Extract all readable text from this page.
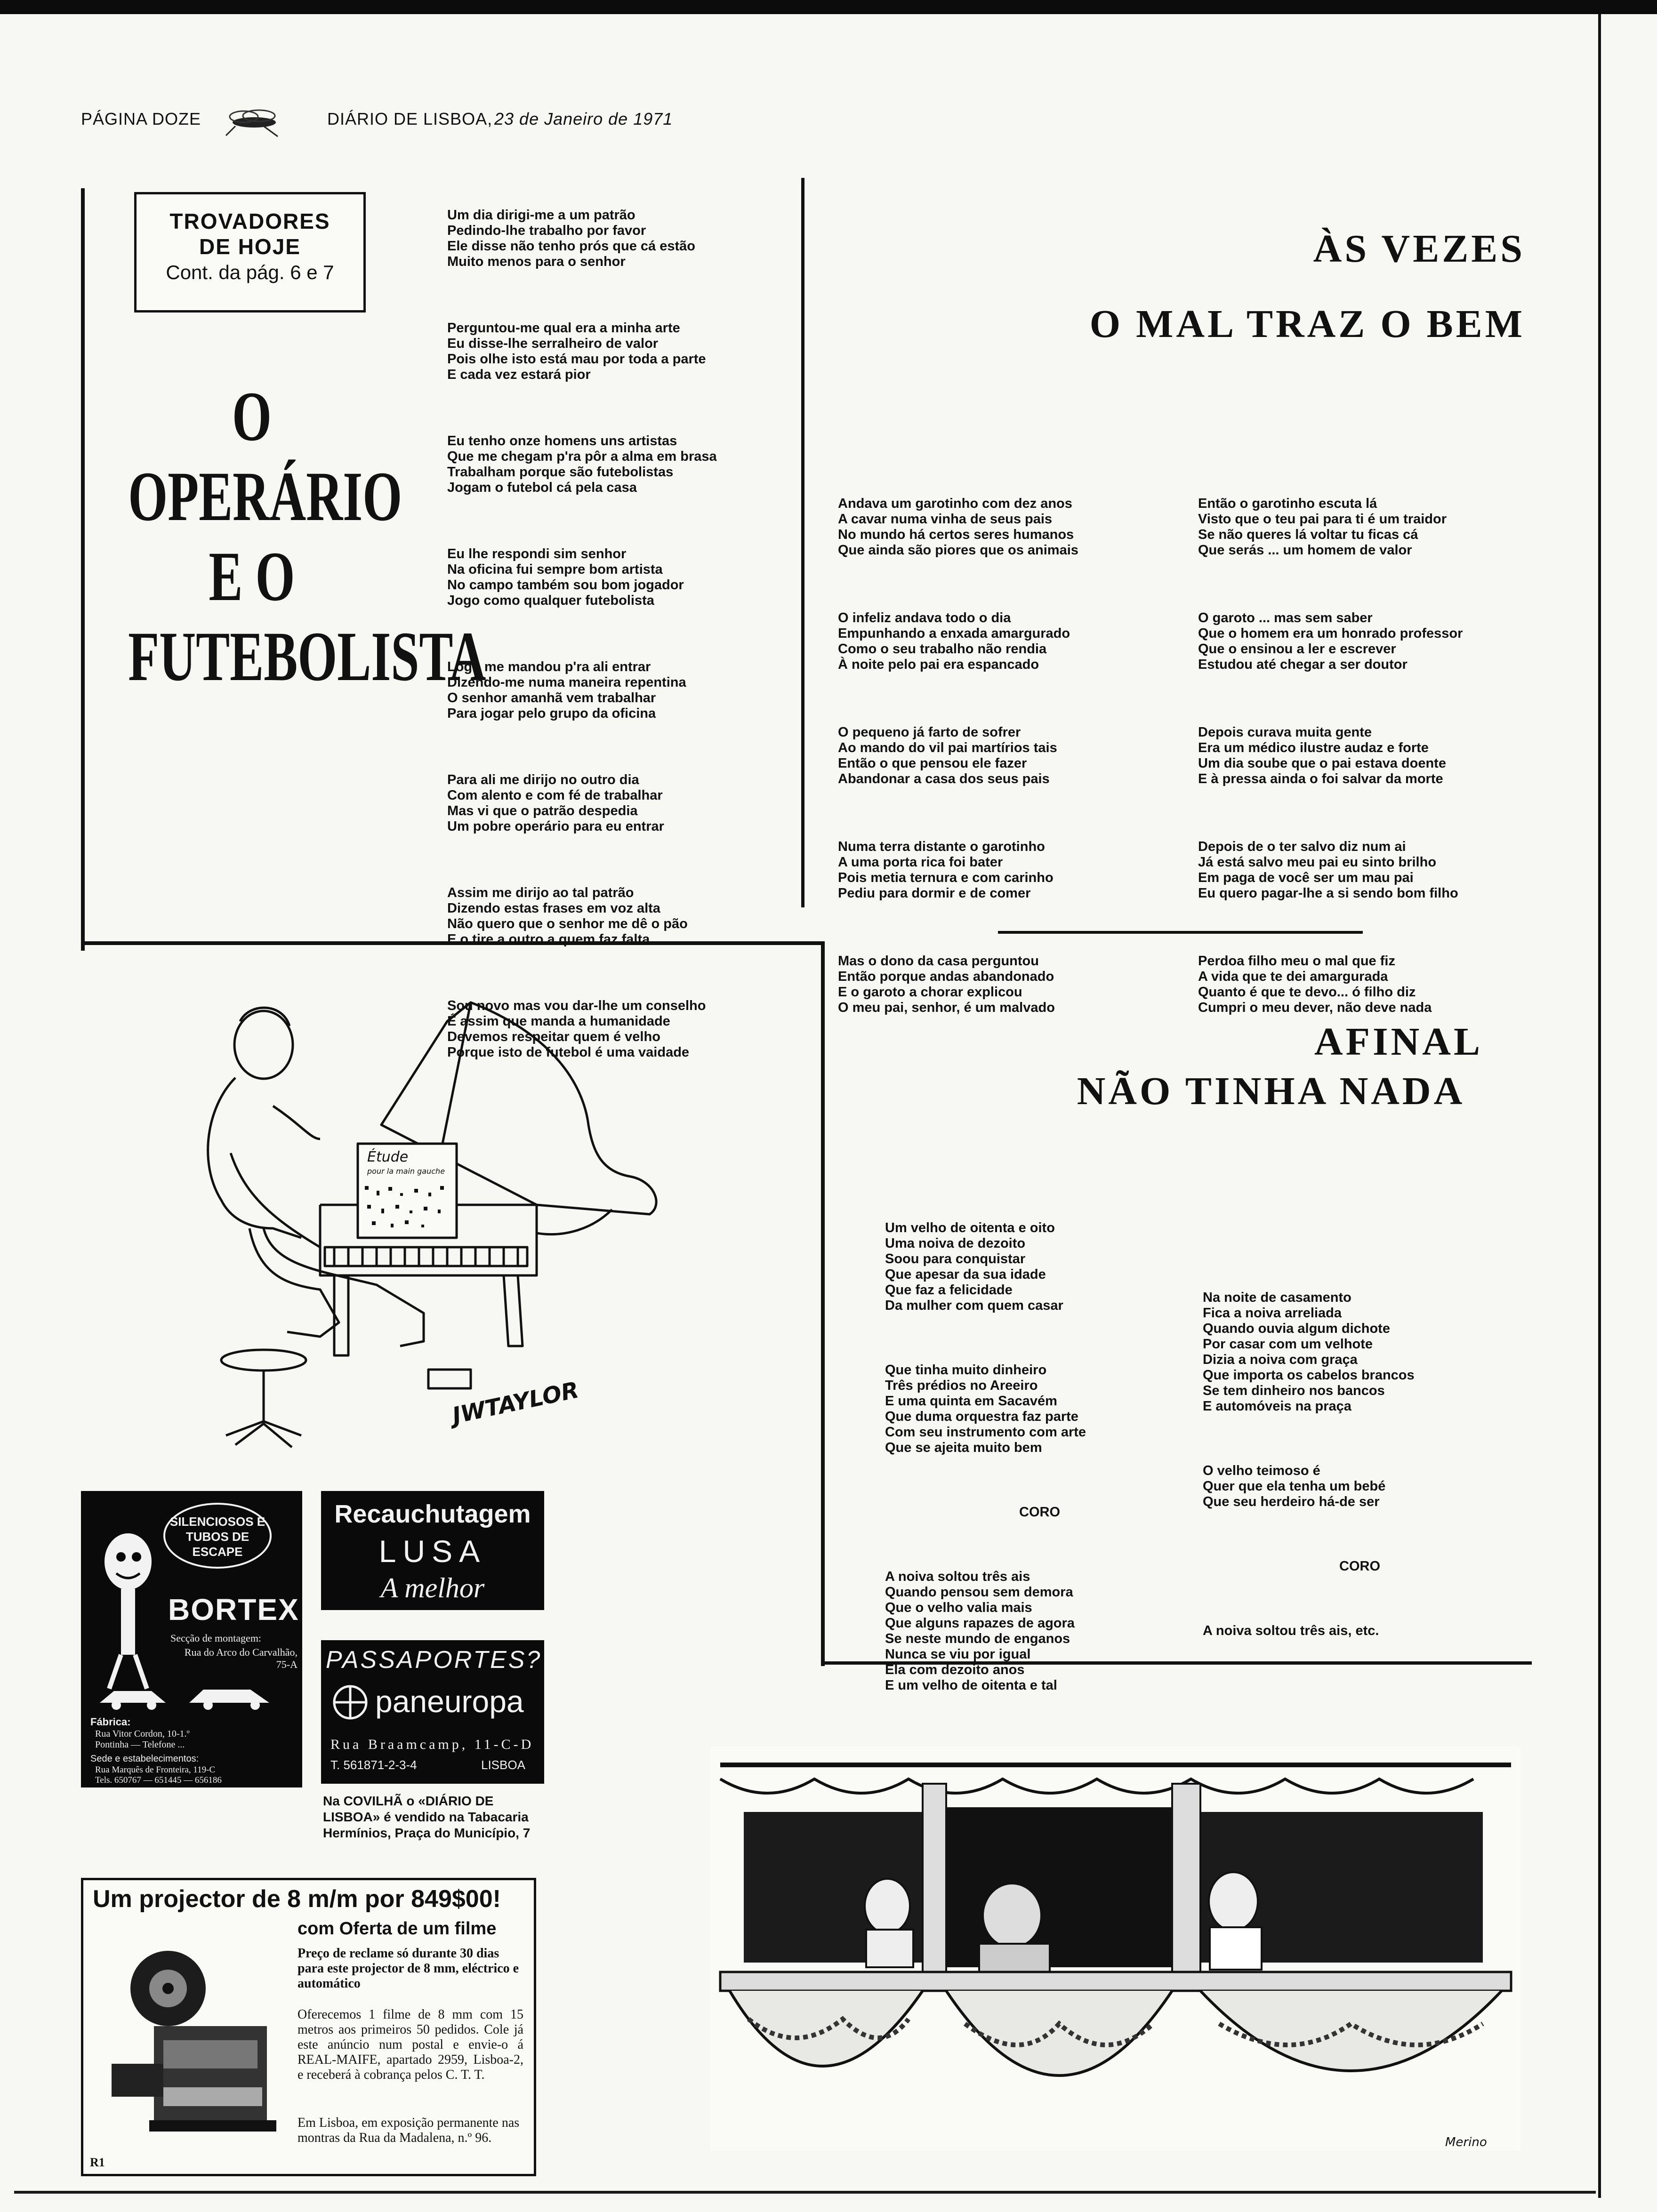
PÁGINA DOZE	DIÁRIO DE LISBOA, 23 de Janeiro de 1971
TROVADORES
DE HOJE
Cont. da pág. 6 e 7
O OPERÁRIO
E O
FUTEBOLISTA

Um dia dirigi-me a um patrão
Pedindo-lhe trabalho por favor
Ele disse não tenho prós que cá estão
Muito menos para o senhor

Perguntou-me qual era a minha arte
Eu disse-lhe serralheiro de valor
Pois olhe isto está mau por toda a parte
E cada vez estará pior

Eu tenho onze homens uns artistas
Que me chegam p'ra pôr a alma em brasa
Trabalham porque são futebolistas
Jogam o futebol cá pela casa

Eu lhe respondi sim senhor
Na oficina fui sempre bom artista
No campo também sou bom jogador
Jogo como qualquer futebolista

Logo me mandou p'ra ali entrar
Dizendo-me numa maneira repentina
O senhor amanhã vem trabalhar
Para jogar pelo grupo da oficina

Para ali me dirijo no outro dia
Com alento e com fé de trabalhar
Mas vi que o patrão despedia
Um pobre operário para eu entrar

Assim me dirijo ao tal patrão
Dizendo estas frases em voz alta
Não quero que o senhor me dê o pão
E o tire a outro a quem faz falta

Sou novo mas vou dar-lhe um conselho
É assim que manda a humanidade
Devemos respeitar quem é velho
Porque isto de futebol é uma vaidade

ÀS VEZES
O MAL TRAZ O BEM

Andava um garotinho com dez anos
A cavar numa vinha de seus pais
No mundo há certos seres humanos
Que ainda são piores que os animais

O infeliz andava todo o dia
Empunhando a enxada amargurado
Como o seu trabalho não rendia
À noite pelo pai era espancado

O pequeno já farto de sofrer
Ao mando do vil pai martírios tais
Então o que pensou ele fazer
Abandonar a casa dos seus pais

Numa terra distante o garotinho
A uma porta rica foi bater
Pois metia ternura e com carinho
Pediu para dormir e de comer

Mas o dono da casa perguntou
Então porque andas abandonado
E o garoto a chorar explicou
O meu pai, senhor, é um malvado

Então o garotinho escuta lá
Visto que o teu pai para ti é um traidor
Se não queres lá voltar tu ficas cá
Que serás ... um homem de valor

O garoto ... mas sem saber
Que o homem era um honrado professor
Que o ensinou a ler e escrever
Estudou até chegar a ser doutor

Depois curava muita gente
Era um médico ilustre audaz e forte
Um dia soube que o pai estava doente
E à pressa ainda o foi salvar da morte

Depois de o ter salvo diz num ai
Já está salvo meu pai eu sinto brilho
Em paga de você ser um mau pai
Eu quero pagar-lhe a si sendo bom filho

Perdoa filho meu o mal que fiz
A vida que te dei amargurada
Quanto é que te devo... ó filho diz
Cumpri o meu dever, não deve nada

Étude
pour la main gauche
JWTAYLOR
AFINAL
NÃO TINHA NADA

Um velho de oitenta e oito
Uma noiva de dezoito
Soou para conquistar
Que apesar da sua idade
Que faz a felicidade
Da mulher com quem casar

Que tinha muito dinheiro
Três prédios no Areeiro
E uma quinta em Sacavém
Que duma orquestra faz parte
Com seu instrumento com arte
Que se ajeita muito bem

CORO

A noiva soltou três ais
Quando pensou sem demora
Que o velho valia mais
Que alguns rapazes de agora
Se neste mundo de enganos
Nunca se viu por igual
Ela com dezoito anos
E um velho de oitenta e tal

Na noite de casamento
Fica a noiva arreliada
Quando ouvia algum dichote
Por casar com um velhote
Dizia a noiva com graça
Que importa os cabelos brancos
Se tem dinheiro nos bancos
E automóveis na praça

O velho teimoso é
Quer que ela tenha um bebé
Que seu herdeiro há-de ser

CORO

A noiva soltou três ais, etc.

SILENCIOSOS E TUBOS DE ESCAPE
BORTEX
Secção de montagem:
Rua do Arco do Carvalhão, 75-A
Fábrica:
Rua Vitor Cordon, 10-1.º
Pontinha — Telefone ...
Sede e estabelecimentos:
Rua Marquês de Fronteira, 119-C
Tels. 650767 — 651445 — 656186
Recauchutagem
LUSA
A melhor
PASSAPORTES?
paneuropa
Rua Braamcamp, 11-C-D
T. 561871-2-3-4	LISBOA
Na COVILHÃ o «DIÁRIO DE LISBOA» é vendido na Tabacaria Hermínios, Praça do Município, 7
Um projector de 8 m/m por 849$00!
com Oferta de um filme
Preço de reclame só durante 30 dias para este projector de 8 mm, eléctrico e automático
Oferecemos 1 filme de 8 mm com 15 metros aos primeiros 50 pedidos. Cole já este anúncio num postal e envie-o á REAL-MAIFE, apartado 2959, Lisboa-2, e receberá à cobrança pelos C. T. T.
Em Lisboa, em exposição permanente nas montras da Rua da Madalena, n.º 96.
R1
Merino
